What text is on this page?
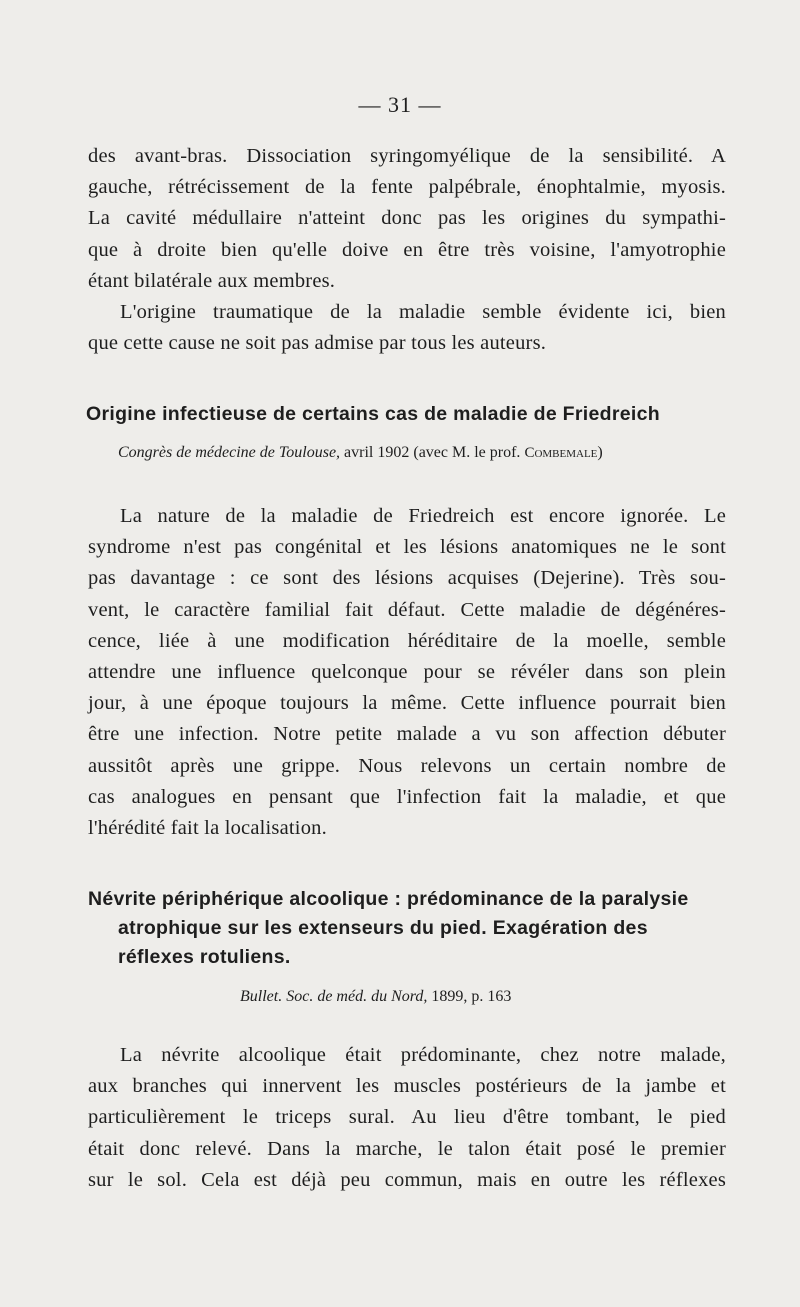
— 31 —

des avant-bras. Dissociation syringomyélique de la sensibilité. A
gauche, rétrécissement de la fente palpébrale, énophtalmie, myosis.
La cavité médullaire n'atteint donc pas les origines du sympathi-
que à droite bien qu'elle doive en être très voisine, l'amyotrophie
étant bilatérale aux membres.

L'origine traumatique de la maladie semble évidente ici, bien
que cette cause ne soit pas admise par tous les auteurs.

Origine infectieuse de certains cas de maladie de Friedreich

Congrès de médecine de Toulouse, avril 1902 (avec M. le prof. Combemale)

La nature de la maladie de Friedreich est encore ignorée. Le
syndrome n'est pas congénital et les lésions anatomiques ne le sont
pas davantage : ce sont des lésions acquises (Dejerine). Très sou-
vent, le caractère familial fait défaut. Cette maladie de dégénéres-
cence, liée à une modification héréditaire de la moelle, semble
attendre une influence quelconque pour se révéler dans son plein
jour, à une époque toujours la même. Cette influence pourrait bien
être une infection. Notre petite malade a vu son affection débuter
aussitôt après une grippe. Nous relevons un certain nombre de
cas analogues en pensant que l'infection fait la maladie, et que
l'hérédité fait la localisation.

Névrite périphérique alcoolique : prédominance de la paralysie
atrophique sur les extenseurs du pied. Exagération des
réflexes rotuliens.

Bullet. Soc. de méd. du Nord, 1899, p. 163

La névrite alcoolique était prédominante, chez notre malade,
aux branches qui innervent les muscles postérieurs de la jambe et
particulièrement le triceps sural. Au lieu d'être tombant, le pied
était donc relevé. Dans la marche, le talon était posé le premier
sur le sol. Cela est déjà peu commun, mais en outre les réflexes
